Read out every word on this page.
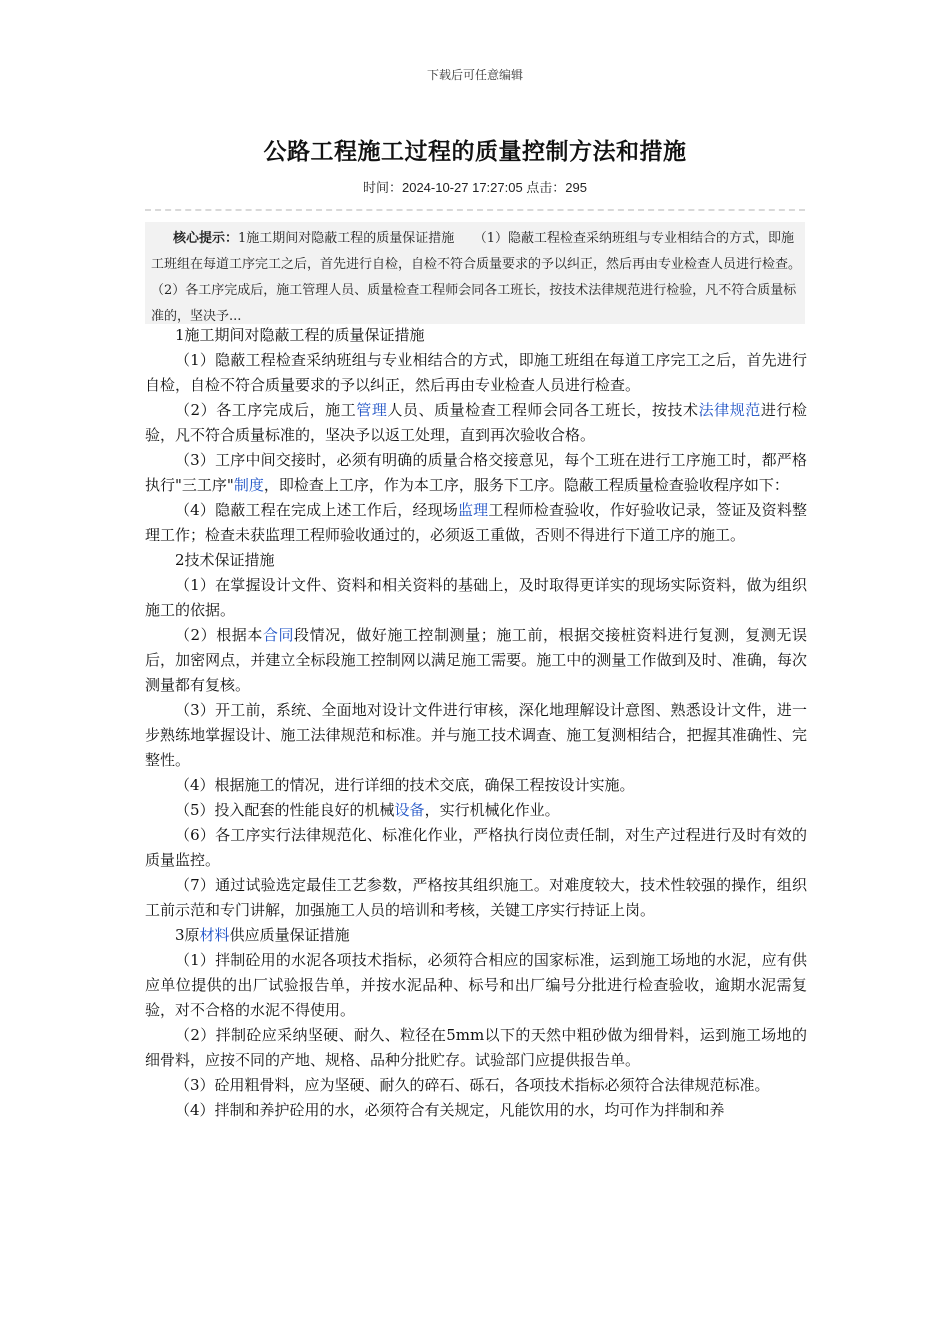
下载后可任意编辑
公路工程施工过程的质量控制方法和措施
时间：2024-10-27 17:27:05 点击：295
核心提示：1施工期间对隐蔽工程的质量保证措施　　（1）隐蔽工程检查采纳班组与专业相结合的方式，即施工班组在每道工序完工之后，首先进行自检，自检不符合质量要求的予以纠正，然后再由专业检查人员进行检查。　　（2）各工序完成后，施工管理人员、质量检查工程师会同各工班长，按技术法律规范进行检验，凡不符合质量标准的，坚决予...

1施工期间对隐蔽工程的质量保证措施

（1）隐蔽工程检查采纳班组与专业相结合的方式，即施工班组在每道工序完工之后，首先进行自检，自检不符合质量要求的予以纠正，然后再由专业检查人员进行检查。

（2）各工序完成后，施工管理人员、质量检查工程师会同各工班长，按技术法律规范进行检验，凡不符合质量标准的，坚决予以返工处理，直到再次验收合格。

（3）工序中间交接时，必须有明确的质量合格交接意见，每个工班在进行工序施工时，都严格执行"三工序"制度，即检查上工序，作为本工序，服务下工序。隐蔽工程质量检查验收程序如下：

（4）隐蔽工程在完成上述工作后，经现场监理工程师检查验收，作好验收记录，签证及资料整理工作；检查未获监理工程师验收通过的，必须返工重做，否则不得进行下道工序的施工。

2技术保证措施

（1）在掌握设计文件、资料和相关资料的基础上，及时取得更详实的现场实际资料，做为组织施工的依据。

（2）根据本合同段情况，做好施工控制测量；施工前，根据交接桩资料进行复测，复测无误后，加密网点，并建立全标段施工控制网以满足施工需要。施工中的测量工作做到及时、准确，每次测量都有复核。

（3）开工前，系统、全面地对设计文件进行审核，深化地理解设计意图、熟悉设计文件，进一步熟练地掌握设计、施工法律规范和标准。并与施工技术调查、施工复测相结合，把握其准确性、完整性。

（4）根据施工的情况，进行详细的技术交底，确保工程按设计实施。

（5）投入配套的性能良好的机械设备，实行机械化作业。

（6）各工序实行法律规范化、标准化作业，严格执行岗位责任制，对生产过程进行及时有效的质量监控。

（7）通过试验选定最佳工艺参数，严格按其组织施工。对难度较大，技术性较强的操作，组织工前示范和专门讲解，加强施工人员的培训和考核，关键工序实行持证上岗。

3原材料供应质量保证措施

（1）拌制砼用的水泥各项技术指标，必须符合相应的国家标准，运到施工场地的水泥，应有供应单位提供的出厂试验报告单，并按水泥品种、标号和出厂编号分批进行检查验收，逾期水泥需复验，对不合格的水泥不得使用。

（2）拌制砼应采纳坚硬、耐久、粒径在5mm以下的天然中粗砂做为细骨料，运到施工场地的细骨料，应按不同的产地、规格、品种分批贮存。试验部门应提供报告单。

（3）砼用粗骨料，应为坚硬、耐久的碎石、砾石，各项技术指标必须符合法律规范标准。

（4）拌制和养护砼用的水，必须符合有关规定，凡能饮用的水，均可作为拌制和养
